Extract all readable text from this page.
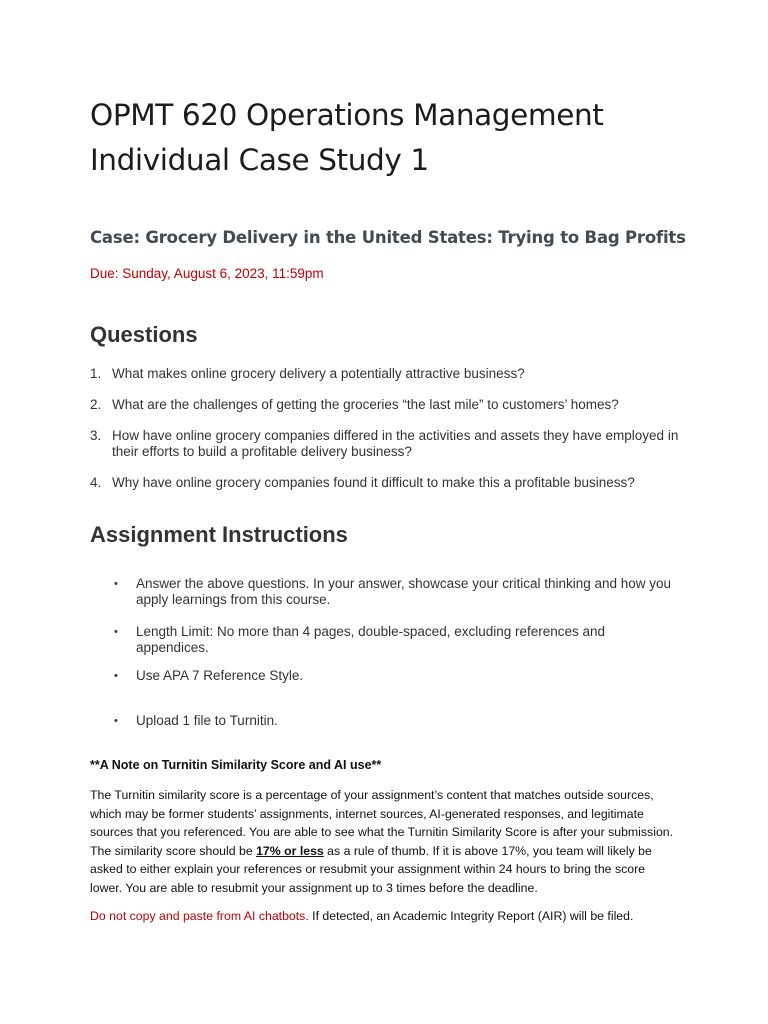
OPMT 620 Operations Management
Individual Case Study 1
Case: Grocery Delivery in the United States: Trying to Bag Profits

Due: Sunday, August 6, 2023, 11:59pm

Questions
1. What makes online grocery delivery a potentially attractive business?
2. What are the challenges of getting the groceries “the last mile” to customers’ homes?
3. How have online grocery companies differed in the activities and assets they have employed in their efforts to build a profitable delivery business?
4. Why have online grocery companies found it difficult to make this a profitable business?
Assignment Instructions
• Answer the above questions. In your answer, showcase your critical thinking and how you apply learnings from this course.
• Length Limit: No more than 4 pages, double-spaced, excluding references and appendices.
• Use APA 7 Reference Style.
• Upload 1 file to Turnitin.

**A Note on Turnitin Similarity Score and AI use**

The Turnitin similarity score is a percentage of your assignment’s content that matches outside sources, which may be former students’ assignments, internet sources, AI-generated responses, and legitimate sources that you referenced. You are able to see what the Turnitin Similarity Score is after your submission. The similarity score should be 17% or less as a rule of thumb. If it is above 17%, you team will likely be asked to either explain your references or resubmit your assignment within 24 hours to bring the score lower. You are able to resubmit your assignment up to 3 times before the deadline.

Do not copy and paste from AI chatbots. If detected, an Academic Integrity Report (AIR) will be filed.
